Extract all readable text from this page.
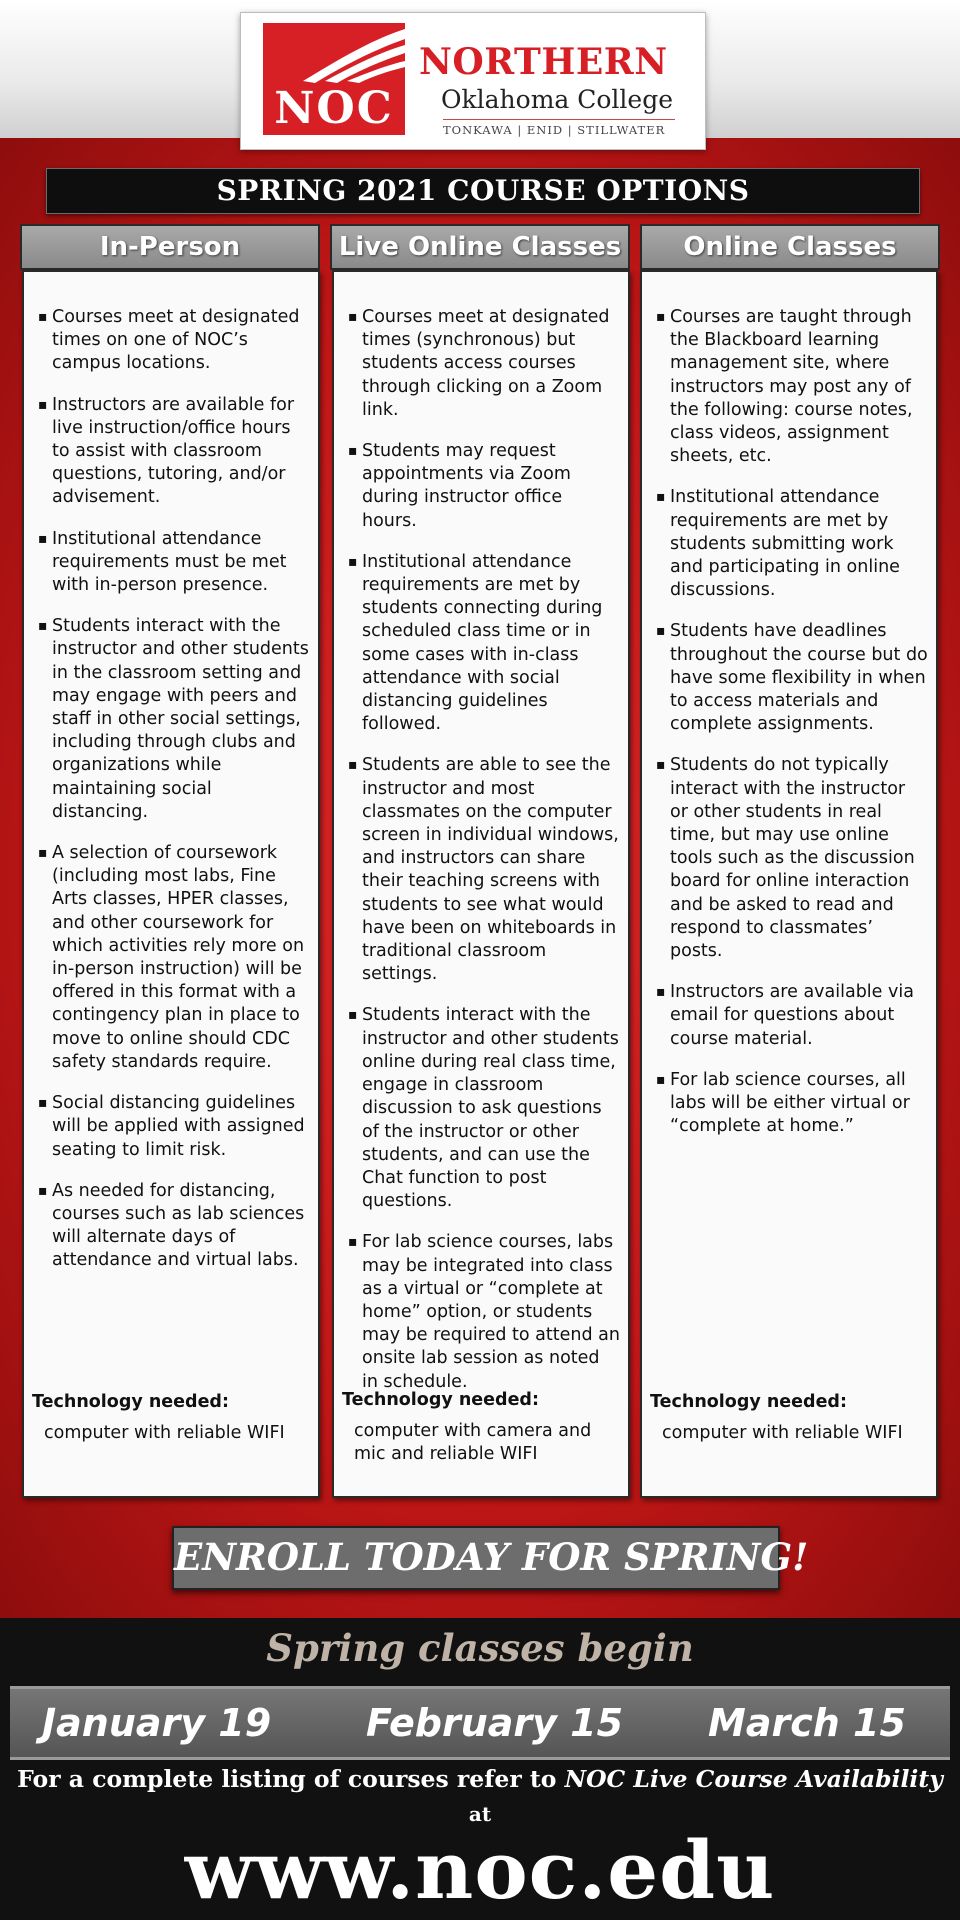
NOC
NORTHERN
Oklahoma College
TONKAWA | ENID | STILLWATER
SPRING 2021 COURSE OPTIONS
In-Person
▪ Courses meet at designated times on one of NOC’s campus locations.
▪ Instructors are available for live instruction/office hours to assist with classroom questions, tutoring, and/or advisement.
▪ Institutional attendance requirements must be met with in-person presence.
▪ Students interact with the instructor and other students in the classroom setting and may engage with peers and staff in other social settings, including through clubs and organizations while maintaining social distancing.
▪ A selection of coursework (including most labs, Fine Arts classes, HPER classes, and other coursework for which activities rely more on in-person instruction) will be offered in this format with a contingency plan in place to move to online should CDC safety standards require.
▪ Social distancing guidelines will be applied with assigned seating to limit risk.
▪ As needed for distancing, courses such as lab sciences will alternate days of attendance and virtual labs.
Technology needed:
computer with reliable WIFI
Live Online Classes
▪ Courses meet at designated times (synchronous) but students access courses through clicking on a Zoom link.
▪ Students may request appointments via Zoom during instructor office hours.
▪ Institutional attendance requirements are met by students connecting during scheduled class time or in some cases with in-class attendance with social distancing guidelines followed.
▪ Students are able to see the instructor and most classmates on the computer screen in individual windows, and instructors can share their teaching screens with students to see what would have been on whiteboards in traditional classroom settings.
▪ Students interact with the instructor and other students online during real class time, engage in classroom discussion to ask questions of the instructor or other students, and can use the Chat function to post questions.
▪ For lab science courses, labs may be integrated into class as a virtual or “complete at home” option, or students may be required to attend an onsite lab session as noted in schedule.
Technology needed:
computer with camera and mic and reliable WIFI
Online Classes
▪ Courses are taught through the Blackboard learning management site, where instructors may post any of the following: course notes, class videos, assignment sheets, etc.
▪ Institutional attendance requirements are met by students submitting work and participating in online discussions.
▪ Students have deadlines throughout the course but do have some flexibility in when to access materials and complete assignments.
▪ Students do not typically interact with the instructor or other students in real time, but may use online tools such as the discussion board for online interaction and be asked to read and respond to classmates’ posts.
▪ Instructors are available via email for questions about course material.
▪ For lab science courses, all labs will be either virtual or “complete at home.”
Technology needed:
computer with reliable WIFI
ENROLL TODAY FOR SPRING!
Spring classes begin
January 19 February 15 March 15
For a complete listing of courses refer to NOC Live Course Availability
at
www.noc.edu
